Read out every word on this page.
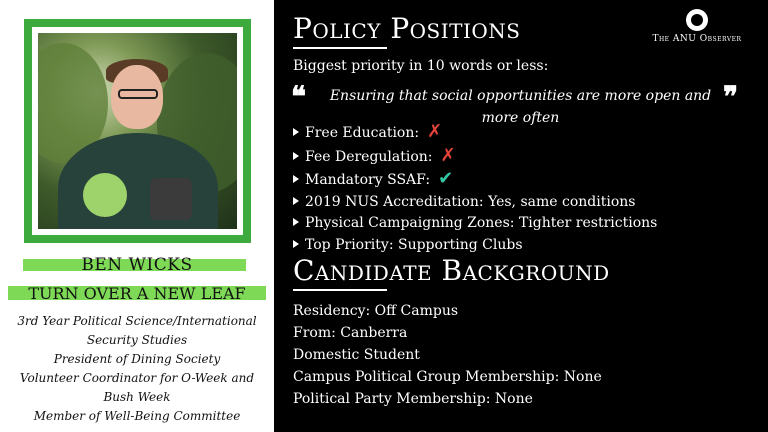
BEN WICKS
TURN OVER A NEW LEAF
3rd Year Political Science/International
Security Studies
President of Dining Society
Volunteer Coordinator for O-Week and
Bush Week
Member of Well-Being Committee
Policy Positions	The ANU Observer
Biggest priority in 10 words or less:
❝	❞
Ensuring that social opportunities are more open and
more often
Free Education: ✗
Fee Deregulation: ✗
Mandatory SSAF: ✔
2019 NUS Accreditation: Yes, same conditions
Physical Campaigning Zones: Tighter restrictions
Top Priority: Supporting Clubs
Candidate Background
Residency: Off Campus
From: Canberra
Domestic Student
Campus Political Group Membership: None
Political Party Membership: None
